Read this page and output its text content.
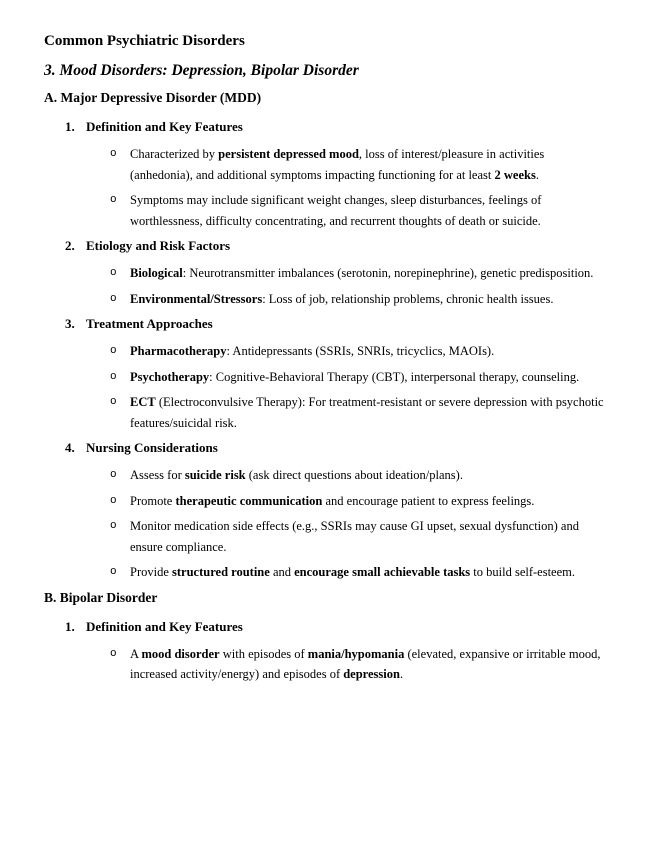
Common Psychiatric Disorders
3. Mood Disorders: Depression, Bipolar Disorder
A. Major Depressive Disorder (MDD)
1. Definition and Key Features
o	Characterized by persistent depressed mood, loss of interest/pleasure in activities (anhedonia), and additional symptoms impacting functioning for at least 2 weeks.
o	Symptoms may include significant weight changes, sleep disturbances, feelings of worthlessness, difficulty concentrating, and recurrent thoughts of death or suicide.
2. Etiology and Risk Factors
o	Biological: Neurotransmitter imbalances (serotonin, norepinephrine), genetic predisposition.
o	Environmental/Stressors: Loss of job, relationship problems, chronic health issues.
3. Treatment Approaches
o	Pharmacotherapy: Antidepressants (SSRIs, SNRIs, tricyclics, MAOIs).
o	Psychotherapy: Cognitive-Behavioral Therapy (CBT), interpersonal therapy, counseling.
o	ECT (Electroconvulsive Therapy): For treatment-resistant or severe depression with psychotic features/suicidal risk.
4. Nursing Considerations
o	Assess for suicide risk (ask direct questions about ideation/plans).
o	Promote therapeutic communication and encourage patient to express feelings.
o	Monitor medication side effects (e.g., SSRIs may cause GI upset, sexual dysfunction) and ensure compliance.
o	Provide structured routine and encourage small achievable tasks to build self-esteem.
B. Bipolar Disorder
1. Definition and Key Features
o	A mood disorder with episodes of mania/hypomania (elevated, expansive or irritable mood, increased activity/energy) and episodes of depression.
